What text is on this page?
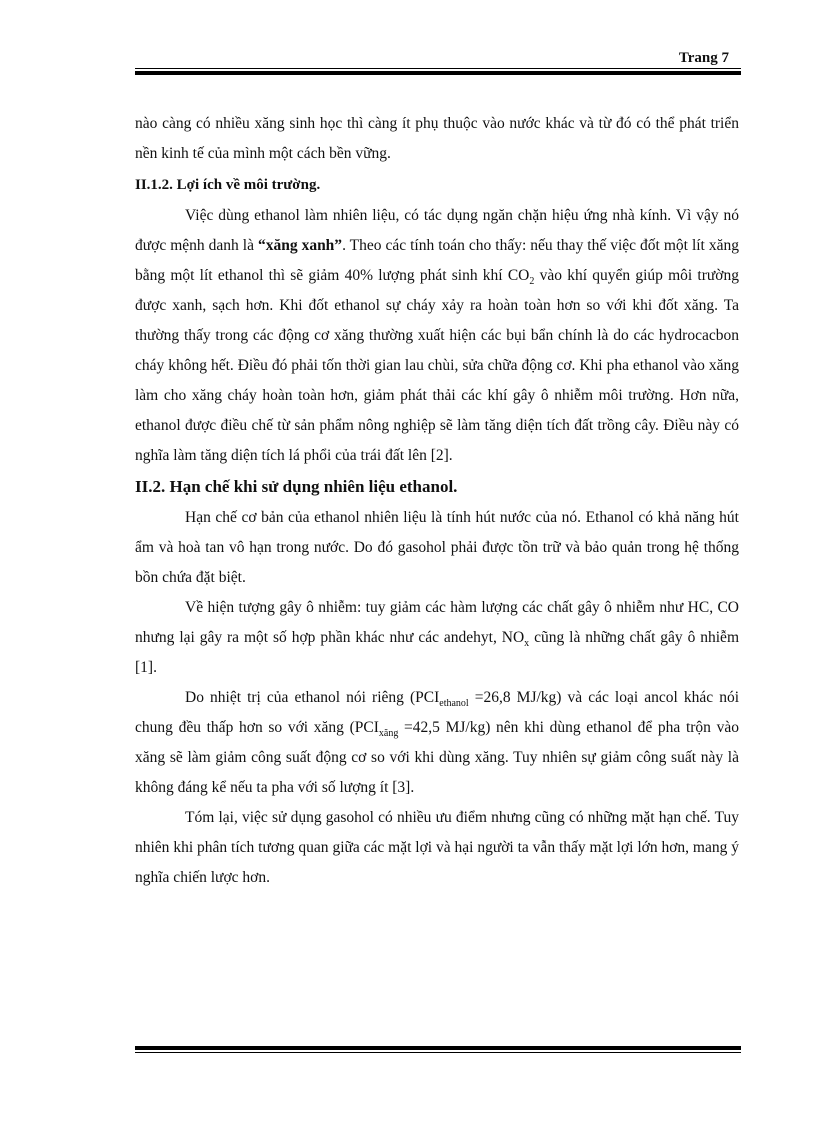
Trang 7

nào càng có nhiều xăng sinh học thì càng ít phụ thuộc vào nước khác và từ đó có thể phát triển nền kinh tế của mình một cách bền vững.

II.1.2. Lợi ích về môi trường.

Việc dùng ethanol làm nhiên liệu, có tác dụng ngăn chặn hiệu ứng nhà kính. Vì vậy nó được mệnh danh là “xăng xanh”. Theo các tính toán cho thấy: nếu thay thế việc đốt một lít xăng bằng một lít ethanol thì sẽ giảm 40% lượng phát sinh khí $CO_2$ vào khí quyển giúp môi trường được xanh, sạch hơn. Khi đốt ethanol sự cháy xảy ra hoàn toàn hơn so với khi đốt xăng. Ta thường thấy trong các động cơ xăng thường xuất hiện các bụi bẩn chính là do các hydrocacbon cháy không hết. Điều đó phải tốn thời gian lau chùi, sửa chữa động cơ. Khi pha ethanol vào xăng làm cho xăng cháy hoàn toàn hơn, giảm phát thải các khí gây ô nhiễm môi trường. Hơn nữa, ethanol được điều chế từ sản phẩm nông nghiệp sẽ làm tăng diện tích đất trồng cây. Điều này có nghĩa làm tăng diện tích lá phổi của trái đất lên [2].

II.2. Hạn chế khi sử dụng nhiên liệu ethanol.

Hạn chế cơ bản của ethanol nhiên liệu là tính hút nước của nó. Ethanol có khả năng hút ẩm và hoà tan vô hạn trong nước. Do đó gasohol phải được tồn trữ và bảo quản trong hệ thống bồn chứa đặt biệt.

Về hiện tượng gây ô nhiễm: tuy giảm các hàm lượng các chất gây ô nhiễm như HC, CO nhưng lại gây ra một số hợp phần khác như các andehyt, $NO_x$ cũng là những chất gây ô nhiễm [1].

Do nhiệt trị của ethanol nói riêng ($PCI_{ethanol} =26,8$ MJ/kg) và các loại ancol khác nói chung đều thấp hơn so với xăng ($PCI_{xăng} =42,5$ MJ/kg) nên khi dùng ethanol để pha trộn vào xăng sẽ làm giảm công suất động cơ so với khi dùng xăng. Tuy nhiên sự giảm công suất này là không đáng kể nếu ta pha với số lượng ít [3].

Tóm lại, việc sử dụng gasohol có nhiều ưu điểm nhưng cũng có những mặt hạn chế. Tuy nhiên khi phân tích tương quan giữa các mặt lợi và hại người ta vẫn thấy mặt lợi lớn hơn, mang ý nghĩa chiến lược hơn.
